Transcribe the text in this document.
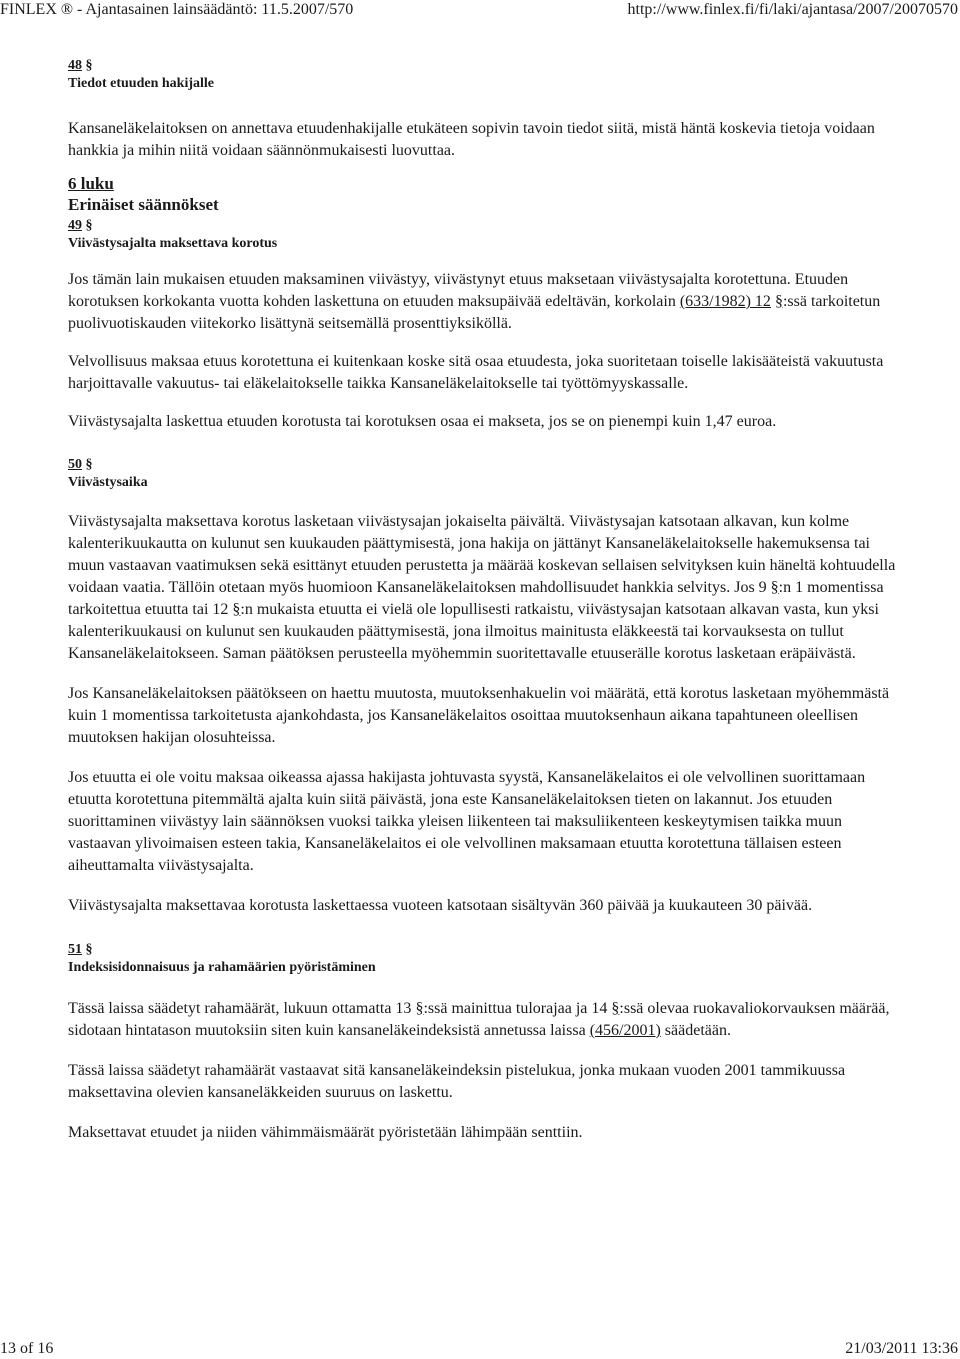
FINLEX ® - Ajantasainen lainsäädäntö: 11.5.2007/570	http://www.finlex.fi/fi/laki/ajantasa/2007/20070570
48 §
Tiedot etuuden hakijalle

Kansaneläkelaitoksen on annettava etuudenhakijalle etukäteen sopivin tavoin tiedot siitä, mistä häntä koskevia tietoja voidaan hankkia ja mihin niitä voidaan säännönmukaisesti luovuttaa.

6 luku
Erinäiset säännökset
49 §
Viivästysajalta maksettava korotus

Jos tämän lain mukaisen etuuden maksaminen viivästyy, viivästynyt etuus maksetaan viivästysajalta korotettuna. Etuuden korotuksen korkokanta vuotta kohden laskettuna on etuuden maksupäivää edeltävän, korkolain (633/1982) 12 §:ssä tarkoitetun puolivuotiskauden viitekorko lisättynä seitsemällä prosenttiyksiköllä.

Velvollisuus maksaa etuus korotettuna ei kuitenkaan koske sitä osaa etuudesta, joka suoritetaan toiselle lakisääteistä vakuutusta harjoittavalle vakuutus- tai eläkelaitokselle taikka Kansaneläkelaitokselle tai työttömyyskassalle.

Viivästysajalta laskettua etuuden korotusta tai korotuksen osaa ei makseta, jos se on pienempi kuin 1,47 euroa.

50 §
Viivästysaika

Viivästysajalta maksettava korotus lasketaan viivästysajan jokaiselta päivältä. Viivästysajan katsotaan alkavan, kun kolme kalenterikuukautta on kulunut sen kuukauden päättymisestä, jona hakija on jättänyt Kansaneläkelaitokselle hakemuksensa tai muun vastaavan vaatimuksen sekä esittänyt etuuden perustetta ja määrää koskevan sellaisen selvityksen kuin häneltä kohtuudella voidaan vaatia. Tällöin otetaan myös huomioon Kansaneläkelaitoksen mahdollisuudet hankkia selvitys. Jos 9 §:n 1 momentissa tarkoitettua etuutta tai 12 §:n mukaista etuutta ei vielä ole lopullisesti ratkaistu, viivästysajan katsotaan alkavan vasta, kun yksi kalenterikuukausi on kulunut sen kuukauden päättymisestä, jona ilmoitus mainitusta eläkkeestä tai korvauksesta on tullut Kansaneläkelaitokseen. Saman päätöksen perusteella myöhemmin suoritettavalle etuuserälle korotus lasketaan eräpäivästä.

Jos Kansaneläkelaitoksen päätökseen on haettu muutosta, muutoksenhakuelin voi määrätä, että korotus lasketaan myöhemmästä kuin 1 momentissa tarkoitetusta ajankohdasta, jos Kansaneläkelaitos osoittaa muutoksenhaun aikana tapahtuneen oleellisen muutoksen hakijan olosuhteissa.

Jos etuutta ei ole voitu maksaa oikeassa ajassa hakijasta johtuvasta syystä, Kansaneläkelaitos ei ole velvollinen suorittamaan etuutta korotettuna pitemmältä ajalta kuin siitä päivästä, jona este Kansaneläkelaitoksen tieten on lakannut. Jos etuuden suorittaminen viivästyy lain säännöksen vuoksi taikka yleisen liikenteen tai maksuliikenteen keskeytymisen taikka muun vastaavan ylivoimaisen esteen takia, Kansaneläkelaitos ei ole velvollinen maksamaan etuutta korotettuna tällaisen esteen aiheuttamalta viivästysajalta.

Viivästysajalta maksettavaa korotusta laskettaessa vuoteen katsotaan sisältyvän 360 päivää ja kuukauteen 30 päivää.

51 §
Indeksisidonnaisuus ja rahamäärien pyöristäminen

Tässä laissa säädetyt rahamäärät, lukuun ottamatta 13 §:ssä mainittua tulorajaa ja 14 §:ssä olevaa ruokavaliokorvauksen määrää, sidotaan hintatason muutoksiin siten kuin kansaneläkeindeksistä annetussa laissa (456/2001) säädetään.

Tässä laissa säädetyt rahamäärät vastaavat sitä kansaneläkeindeksin pistelukua, jonka mukaan vuoden 2001 tammikuussa maksettavina olevien kansaneläkkeiden suuruus on laskettu.

Maksettavat etuudet ja niiden vähimmäismäärät pyöristetään lähimpään senttiin.

13 of 16	21/03/2011 13:36
